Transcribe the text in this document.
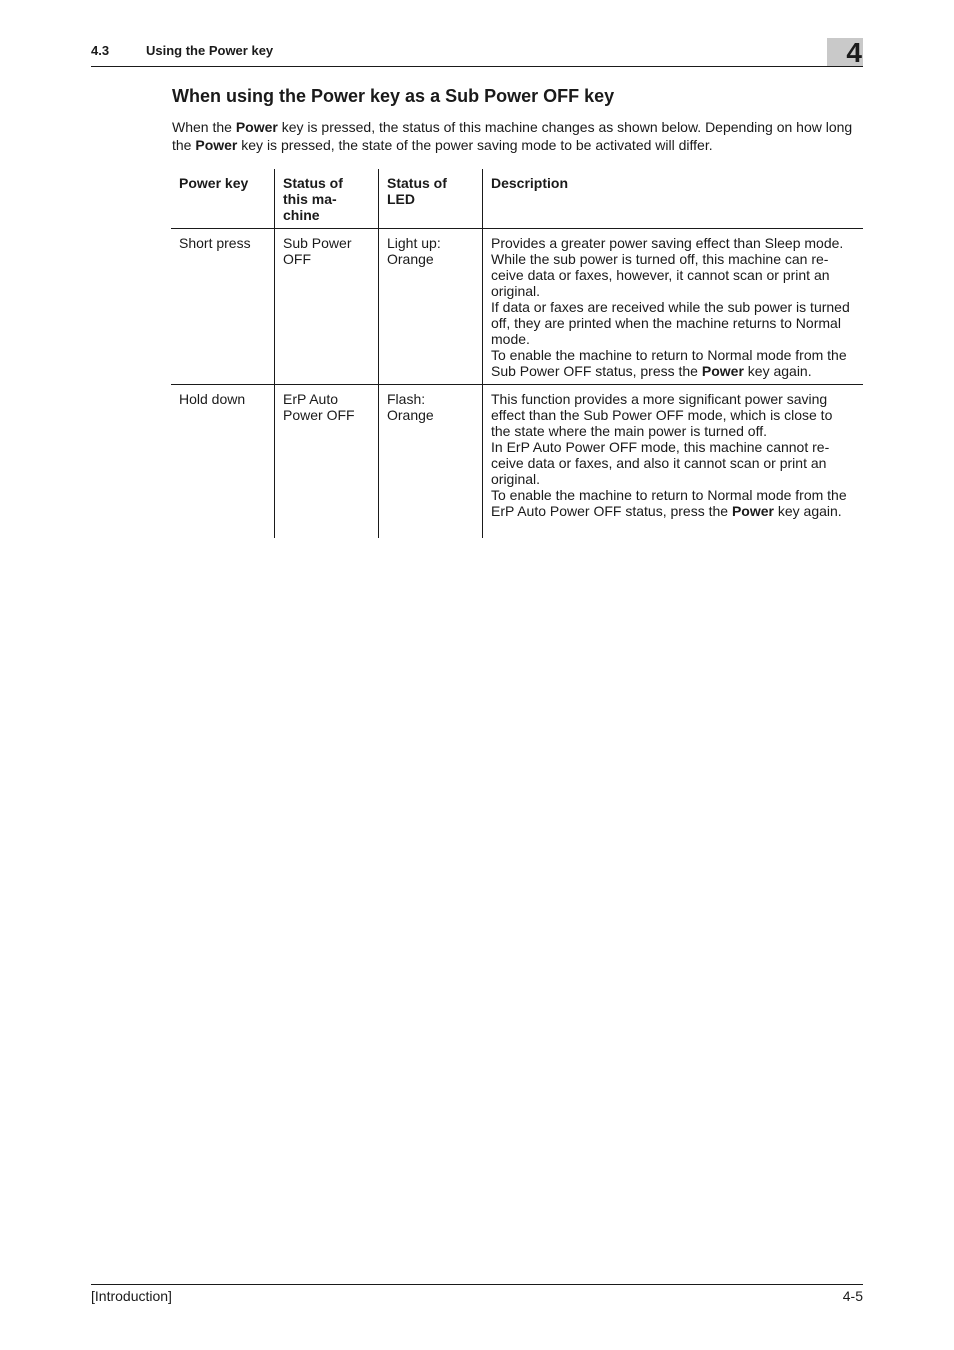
4.3	Using the Power key	4
When using the Power key as a Sub Power OFF key

When the Power key is pressed, the status of this machine changes as shown below. Depending on how long the Power key is pressed, the state of the power saving mode to be activated will differ.

Power key	Status of this ma-chine	Status of LED	Description
Short press	Sub Power OFF	Light up: Orange	Provides a greater power saving effect than Sleep mode. While the sub power is turned off, this machine can re-ceive data or faxes, however, it cannot scan or print an original.
If data or faxes are received while the sub power is turned off, they are printed when the machine returns to Normal mode.
To enable the machine to return to Normal mode from the Sub Power OFF status, press the Power key again.
Hold down	ErP Auto Power OFF	Flash: Orange	This function provides a more significant power saving effect than the Sub Power OFF mode, which is close to the state where the main power is turned off.
In ErP Auto Power OFF mode, this machine cannot re-ceive data or faxes, and also it cannot scan or print an original.
To enable the machine to return to Normal mode from the ErP Auto Power OFF status, press the Power key again.
[Introduction]	4-5
